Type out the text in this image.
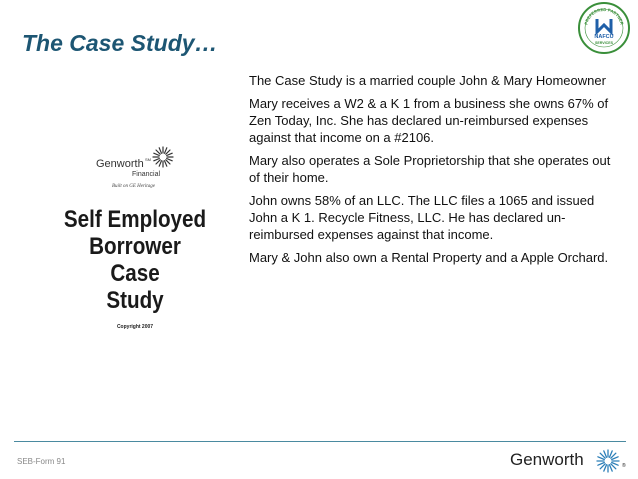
The Case Study…
PREFERRED PARTNER
NAFCU
SERVICES
Genworth SM
Financial
Built on GE Heritage
Self Employed
Borrower Case
Study
Copyright 2007

The Case Study is a married couple John & Mary Homeowner

Mary receives a W2 & a K 1 from a business she owns 67% of Zen Today, Inc. She has declared un-reimbursed expenses against that income on a #2106.

Mary also operates a Sole Proprietorship that she operates out of their home.

John owns 58% of an LLC. The LLC files a 1065 and issued John a K 1. Recycle Fitness, LLC. He has declared un-reimbursed expenses against that income.

Mary & John also own a Rental Property and a Apple Orchard.

SEB-Form 91	Genworth	®
